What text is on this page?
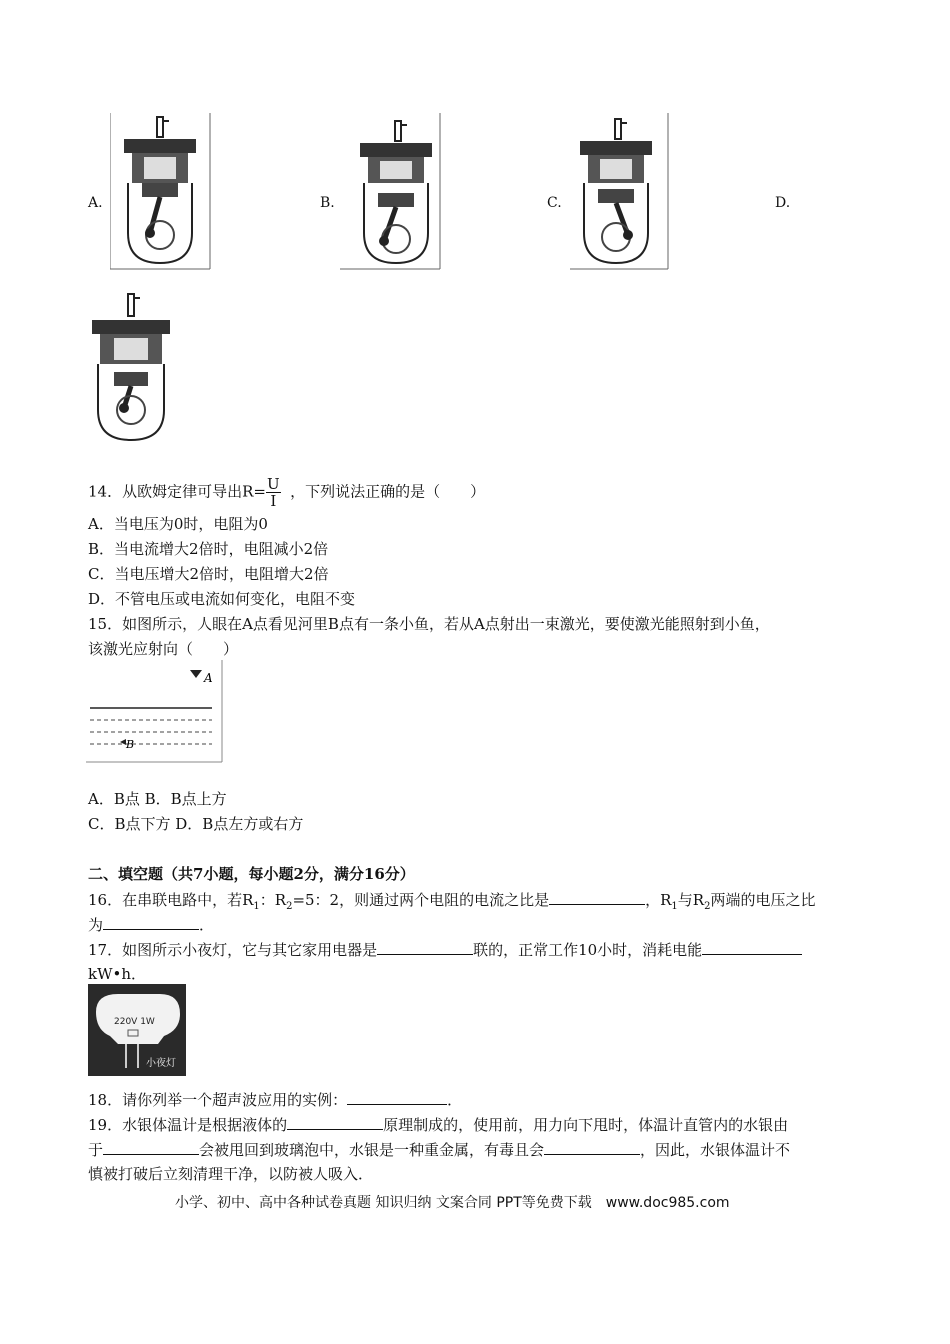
A.	B.	C.	D.
14．从欧姆定律可导出$R= \frac{U}{I}$ ，下列说法正确的是（　　）
A．当电压为0时，电阻为0
B．当电流增大2倍时，电阻减小2倍
C．当电压增大2倍时，电阻增大2倍
D．不管电压或电流如何变化，电阻不变
15．如图所示，人眼在A点看见河里B点有一条小鱼，若从A点射出一束激光，要使激光能照射到小鱼，
该激光应射向（　　）
A
B
A．B点 B．B点上方
C．B点下方 D．B点左方或右方
二、填空题（共7小题，每小题2分，满分16分）
16．在串联电路中，若$R_1$：$R_2=5$：2，则通过两个电阻的电流之比是	，$R_1$与$R_2$两端的电压之比
为	．
17．如图所示小夜灯，它与其它家用电器是	联的，正常工作10小时，消耗电能
kW•h．
220V 1W
小夜灯
18．请你列举一个超声波应用的实例：	．
19．水银体温计是根据液体的	原理制成的，使用前，用力向下甩时，体温计直管内的水银由
于	会被甩回到玻璃泡中，水银是一种重金属，有毒且会	，因此，水银体温计不
慎被打破后立刻清理干净，以防被人吸入．
小学、初中、高中各种试卷真题 知识归纳 文案合同 PPT等免费下载　www.doc985.com
